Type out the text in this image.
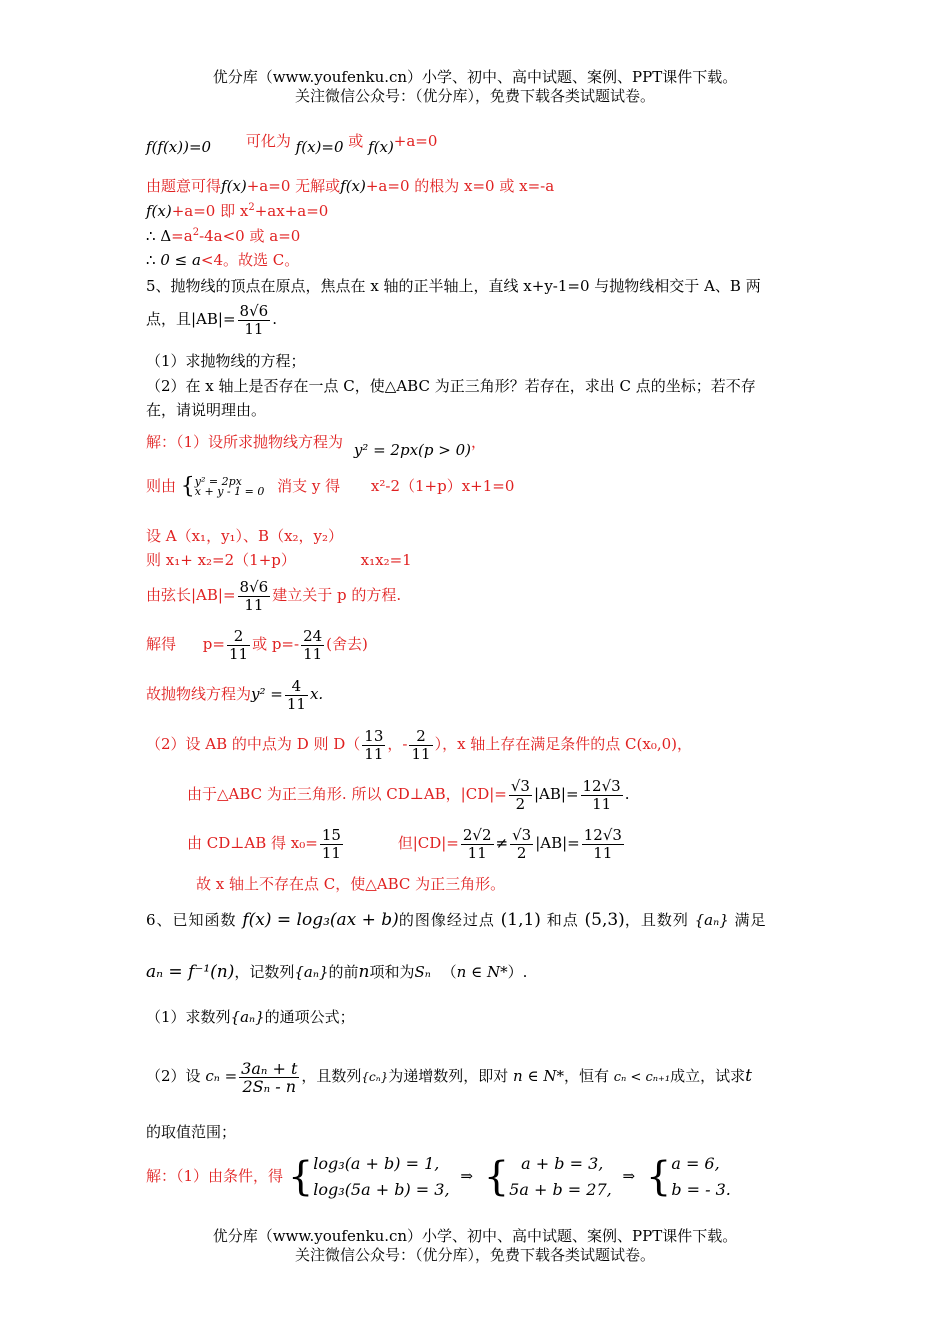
优分库（www.youfenku.cn）小学、初中、高中试题、案例、PPT课件下载。
关注微信公众号：（优分库），免费下载各类试题试卷。
f(f(x))=0 可化为 f(x)=0 或 f(x)+a=0
由题意可得f(x)+a=0 无解或f(x)+a=0 的根为 x=0 或 x=-a
f(x)+a=0 即 $x^2+ax+a=0$
∴ $\Delta=a^2-4a<0$ 或 a=0
∴ 0 ≤ a<4。故选 C。
5、抛物线的顶点在原点，焦点在 x 轴的正半轴上，直线 x+y-1=0 与抛物线相交于 A、B 两
点，且$|AB|= \frac{8√6}{11}$ .
（1）求抛物线的方程；
（2）在 x 轴上是否存在一点 C，使△ABC 为正三角形？若存在，求出 C 点的坐标；若不存
在，请说明理由。
解：（1）设所求抛物线方程为 y² = 2px(p > 0)，
则由 { y² = 2px
x + y - 1 = 0 消支 y 得 x²-2（1+p）x+1=0
设 A（x₁，y₁）、B（x₂，y₂）
则 x₁+ x₂=2（1+p）	x₁x₂=1
由弦长$|AB|= \frac{8√6}{11}$ 建立关于 p 的方程.
解得 $p= \frac{2}{11}$ 或 $p=- \frac{24}{11}$ (舍去)
故抛物线方程为$y^2 = \frac{4}{11} x$.
（2）设 AB 的中点为 D 则 $D( \frac{13}{11}$ ，- $\frac{2}{11}$ ），x 轴上存在满足条件的点 C(x₀,0)，
由于△ABC 为正三角形. 所以 CD⊥AB，$|CD|= \frac{√3}{2} |AB|= \frac{12√3}{11}$ .
由 CD⊥AB 得 $x_0= \frac{15}{11}$	但$|CD|= \frac{2√2}{11} \ne \frac{√3}{2} |AB|= \frac{12√3}{11}$
故 x 轴上不存在点 C，使△ABC 为正三角形。
6、已知函数 f(x) = log₃(ax + b)的图像经过点 (1,1) 和点 (5,3)，且数列 {aₙ} 满足
aₙ = f⁻¹(n)，记数列{aₙ}的前n项和为Sₙ （n ∈ N*）.
（1）求数列{aₙ}的通项公式；
（2）设 $c_n = \frac{\text{3aₙ + t}}{\text{2Sₙ - n}}$ ，且数列{cₙ}为递增数列，即对 n ∈ N*，恒有 cₙ < cₙ₊₁成立，试求t
的取值范围；
解：（1）由条件，得 { log₃(a + b) = 1,
log₃(5a + b) = 3,
⇒ { a + b = 3,
5a + b = 27,
⇒ { a = 6,
b = - 3.
优分库（www.youfenku.cn）小学、初中、高中试题、案例、PPT课件下载。
关注微信公众号：（优分库），免费下载各类试题试卷。
